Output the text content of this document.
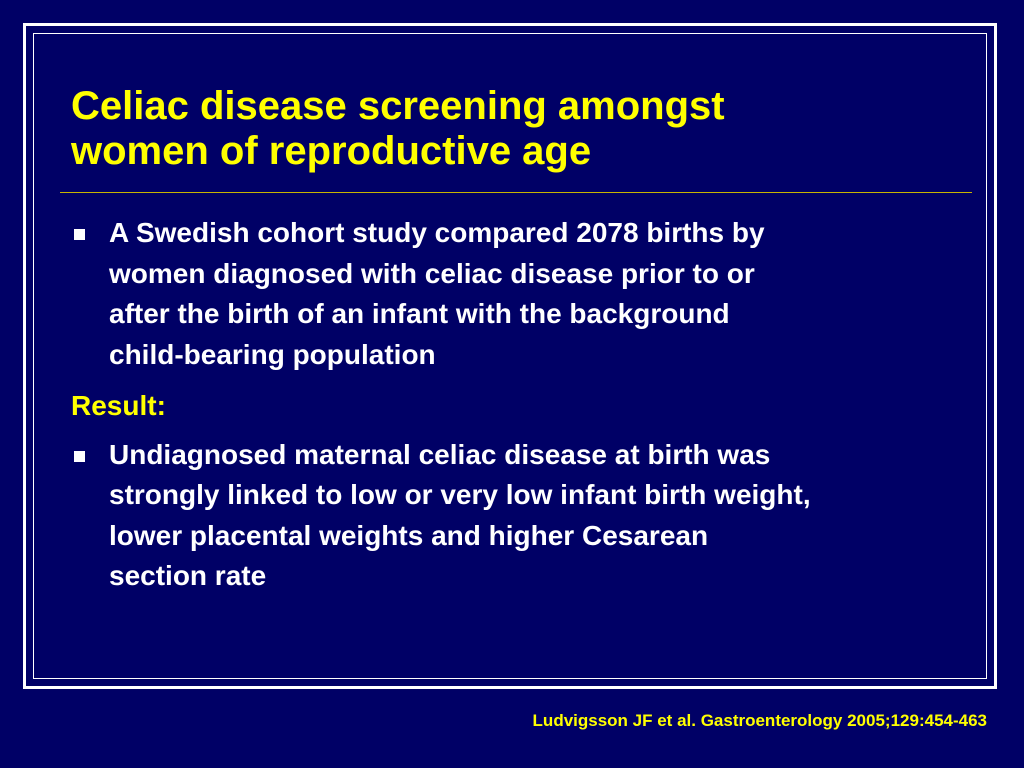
Celiac disease screening amongst
women of reproductive age
A Swedish cohort study compared 2078 births by
women diagnosed with celiac disease prior to or
after the birth of an infant with the background
child-bearing population
Result:
Undiagnosed maternal celiac disease at birth was
strongly linked to low or very low infant birth weight,
lower placental weights and higher Cesarean
section rate
Ludvigsson JF et al. Gastroenterology 2005;129:454-463
